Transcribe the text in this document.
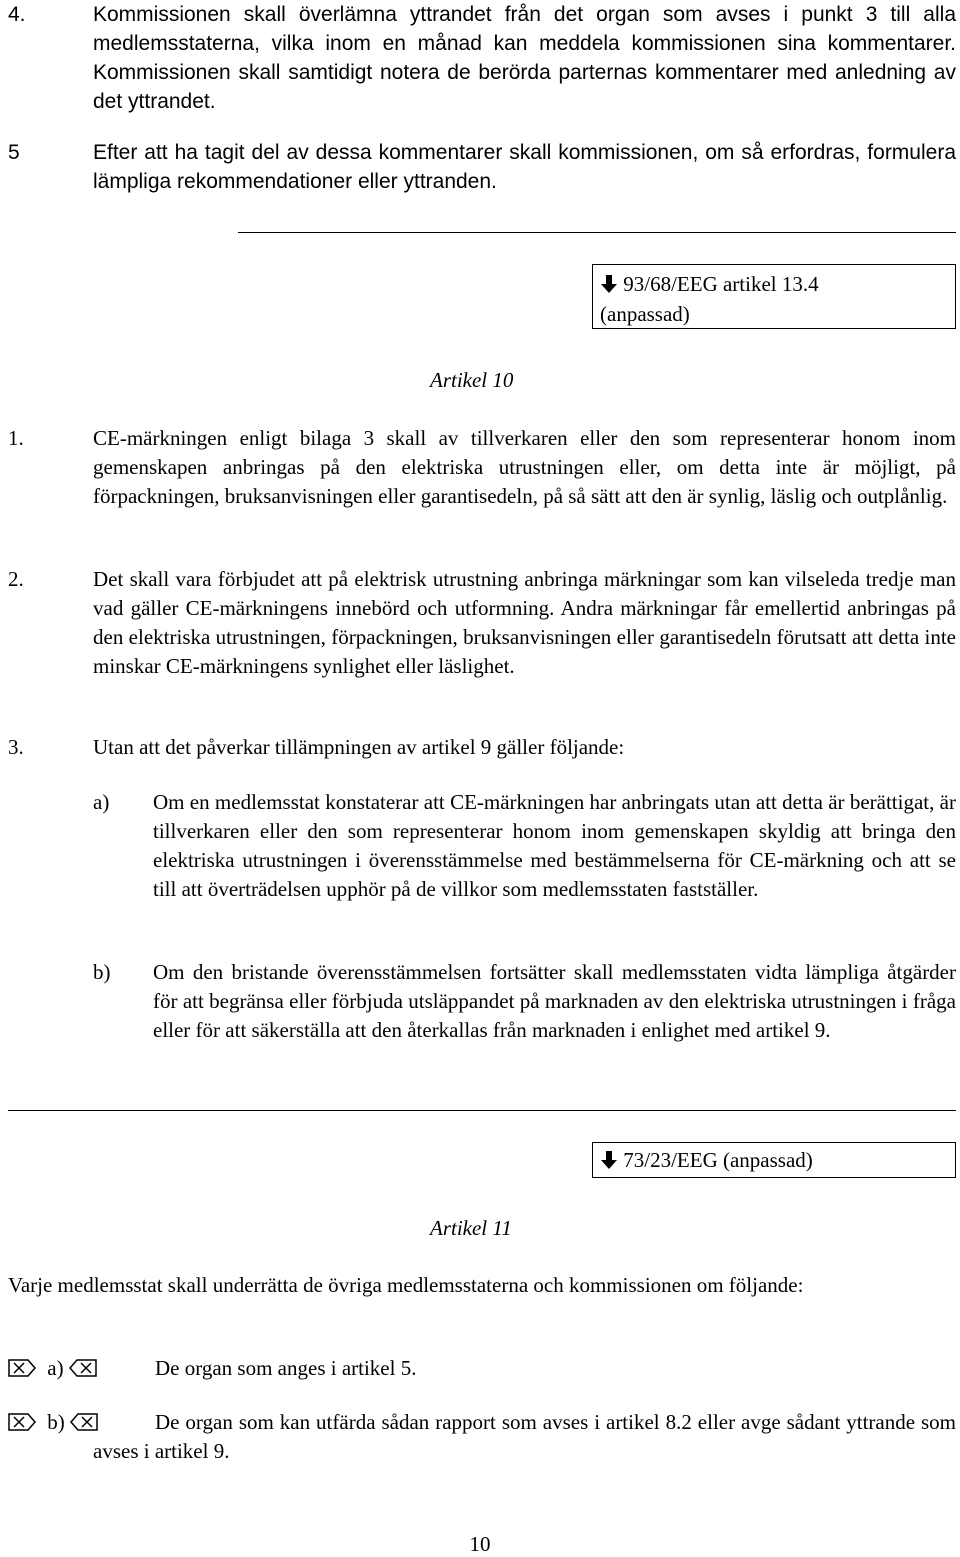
4.	Kommissionen skall överlämna yttrandet från det organ som avses i punkt 3 till alla medlemsstaterna, vilka inom en månad kan meddela kommissionen sina kommentarer. Kommissionen skall samtidigt notera de berörda parternas kommentarer med anledning av det yttrandet.
5	Efter att ha tagit del av dessa kommentarer skall kommissionen, om så erfordras, formulera lämpliga rekommendationer eller yttranden.
93/68/EEG artikel 13.4
(anpassad)
Artikel 10
1.	CE-märkningen enligt bilaga 3 skall av tillverkaren eller den som representerar honom inom gemenskapen anbringas på den elektriska utrustningen eller, om detta inte är möjligt, på förpackningen, bruksanvisningen eller garantisedeln, på så sätt att den är synlig, läslig och outplånlig.
2.	Det skall vara förbjudet att på elektrisk utrustning anbringa märkningar som kan vilseleda tredje man vad gäller CE-märkningens innebörd och utformning. Andra märkningar får emellertid anbringas på den elektriska utrustningen, förpackningen, bruksanvisningen eller garantisedeln förutsatt att detta inte minskar CE-märkningens synlighet eller läslighet.
3.	Utan att det påverkar tillämpningen av artikel 9 gäller följande:
a) Om en medlemsstat konstaterar att CE-märkningen har anbringats utan att detta är berättigat, är tillverkaren eller den som representerar honom inom gemenskapen skyldig att bringa den elektriska utrustningen i överensstämmelse med bestämmelserna för CE-märkning och att se till att överträdelsen upphör på de villkor som medlemsstaten fastställer.
b) Om den bristande överensstämmelsen fortsätter skall medlemsstaten vidta lämpliga åtgärder för att begränsa eller förbjuda utsläppandet på marknaden av den elektriska utrustningen i fråga eller för att säkerställa att den återkallas från marknaden i enlighet med artikel 9.
73/23/EEG (anpassad)
Artikel 11
Varje medlemsstat skall underrätta de övriga medlemsstaterna och kommissionen om följande:
a)	De organ som anges i artikel 5.
b)	De organ som kan utfärda sådan rapport som avses i artikel 8.2 eller avge sådant yttrande som avses i artikel 9.
10
